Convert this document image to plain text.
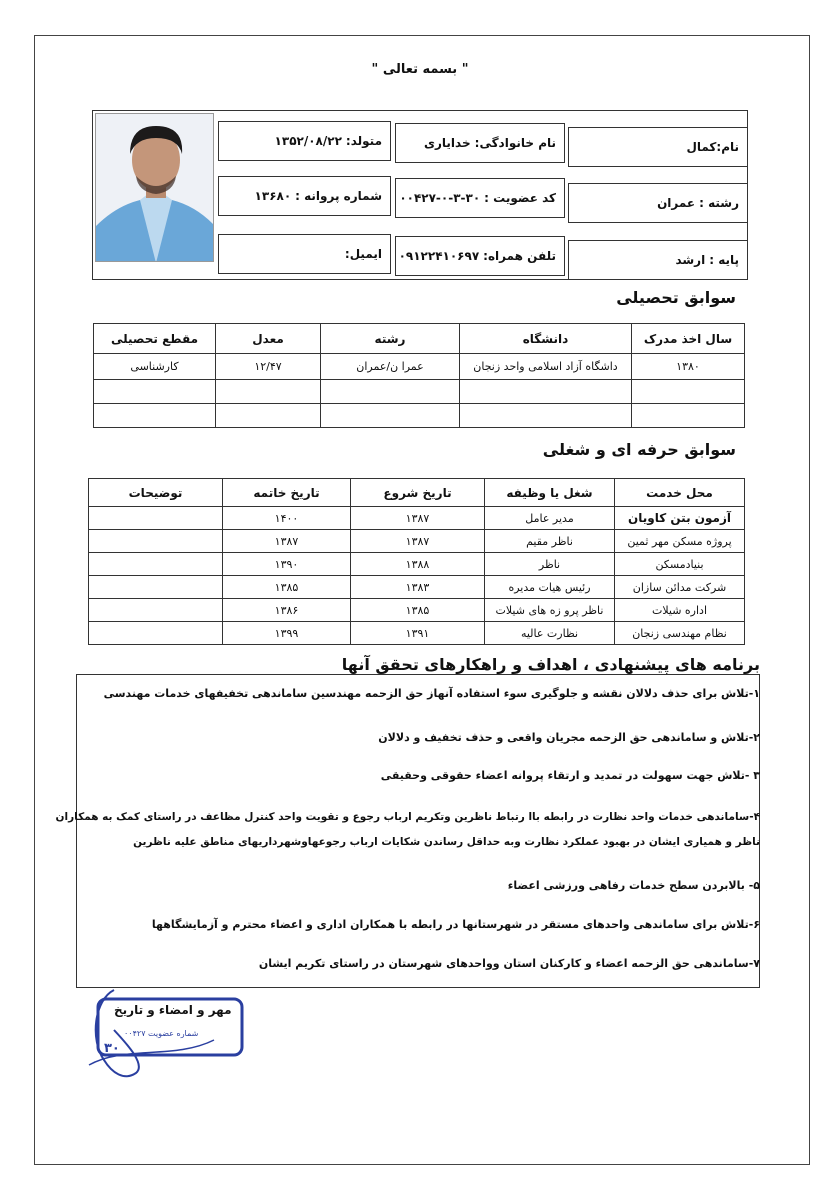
" بسمه تعالی "
نام:
کمال
نام خانوادگی:
خدایاری
متولد:
۱۳۵۲/۰۸/۲۲
رشته :
عمران
کد عضویت :
۰۰۴۲۷-۰-۳-۳۰
شماره پروانه :
۱۳۶۸۰
پایه :
ارشد
تلفن همراه:
۰۹۱۲۲۴۱۰۶۹۷
ایمیل:
سوابق تحصیلی
سال اخذ مدرک	دانشگاه	رشته	معدل	مقطع تحصیلی
۱۳۸۰	داشگاه آزاد اسلامی واحد زنجان	عمرا ن/عمران	۱۲/۴۷	کارشناسی

سوابق حرفه ای و شغلی
محل خدمت	شغل یا وظیفه	تاریخ شروع	تاریخ خاتمه	توضیحات
آزمون بتن کاویان	مدیر عامل	۱۳۸۷	۱۴۰۰	
پروژه مسکن مهر ثمین	ناظر مقیم	۱۳۸۷	۱۳۸۷	
بنیادمسکن	ناظر	۱۳۸۸	۱۳۹۰	
شرکت مدائن سازان	رئیس هیات مدیره	۱۳۸۳	۱۳۸۵	
اداره شیلات	ناظر پرو زه های شیلات	۱۳۸۵	۱۳۸۶	
نظام مهندسی زنجان	نظارت عالیه	۱۳۹۱	۱۳۹۹	
برنامه های پیشنهادی ، اهداف و راهکارهای تحقق آنها
۱-تلاش برای حذف دلالان نقشه و جلوگیری سوء استفاده آنهاز حق الزحمه مهندسین ساماندهی تخفیفهای خدمات مهندسی
۲-تلاش و ساماندهی حق الزحمه مجریان واقعی و حذف تخفیف و دلالان
۳ -تلاش جهت سهولت در تمدید و ارتقاء پروانه اعضاء حقوقی وحقیقی
۴-ساماندهی خدمات واحد نظارت در رابطه باا رتباط ناظرین وتکریم ارباب رجوع و تقویت واحد کنترل مظاعف در راستای کمک به همکاران
ناظر و همیاری ایشان در بهبود عملکرد نظارت وبه حداقل رساندن شکایات ارباب رجوعهاوشهرداریهای مناطق علیه ناظرین
۵- بالابردن سطح خدمات رفاهی ورزشی اعضاء
۶-تلاش برای ساماندهی واحدهای مستقر در شهرستانها در رابطه با همکاران اداری و اعضاء محترم و آزمایشگاهها
۷-ساماندهی حق الزحمه اعضاء و کارکنان استان وواحدهای شهرستان در راستای تکریم ایشان
مهر و امضاء و تاریخ
شماره عضویت ۰۰۴۲۷
۳۰
